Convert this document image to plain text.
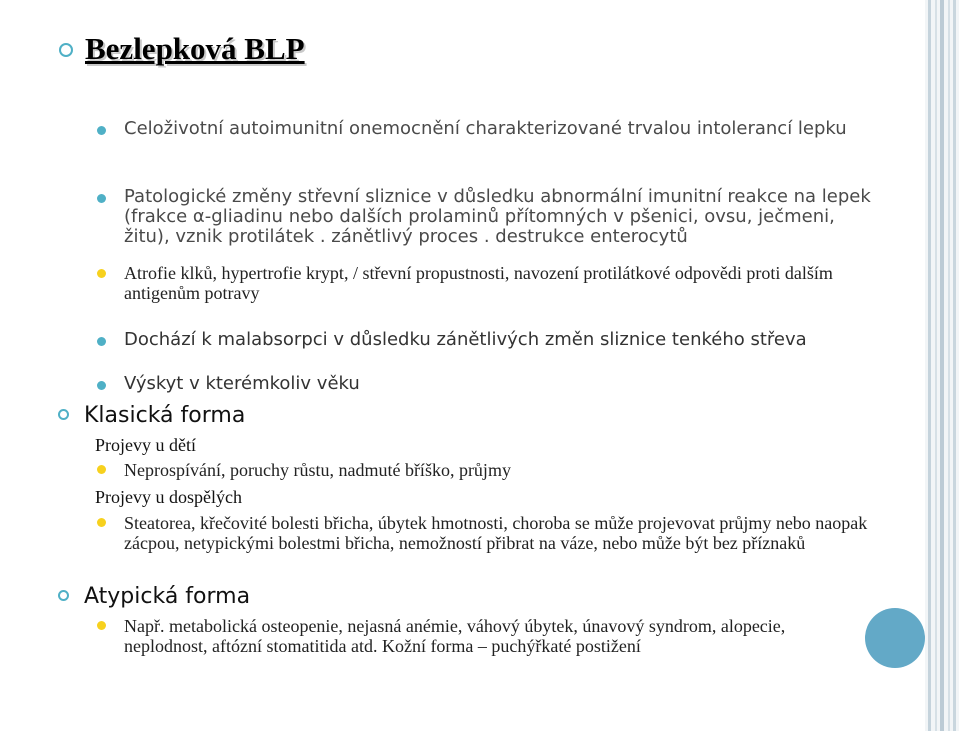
Bezlepková BLP
Celoživotní autoimunitní onemocnění charakterizované trvalou intolerancí lepku
Patologické změny střevní sliznice v důsledku abnormální imunitní reakce na lepek (frakce α-gliadinu nebo dalších prolaminů přítomných v pšenici, ovsu, ječmeni, žitu), vznik protilátek . zánětlivý proces . destrukce enterocytů
Atrofie klků, hypertrofie krypt, / střevní propustnosti, navození protilátkové odpovědi proti dalším antigenům potravy
Dochází k malabsorpci v důsledku zánětlivých změn sliznice tenkého střeva
Výskyt v kterémkoliv věku
Klasická forma
Projevy u dětí
Neprospívání, poruchy růstu, nadmuté bříško, průjmy
Projevy u dospělých
Steatorea, křečovité bolesti břicha, úbytek hmotnosti, choroba se může projevovat průjmy nebo naopak zácpou, netypickými bolestmi břicha, nemožností přibrat na váze, nebo může být bez příznaků
Atypická forma
Např. metabolická osteopenie, nejasná anémie, váhový úbytek, únavový syndrom, alopecie, neplodnost, aftózní stomatitida atd. Kožní forma – puchýřkaté postižení
